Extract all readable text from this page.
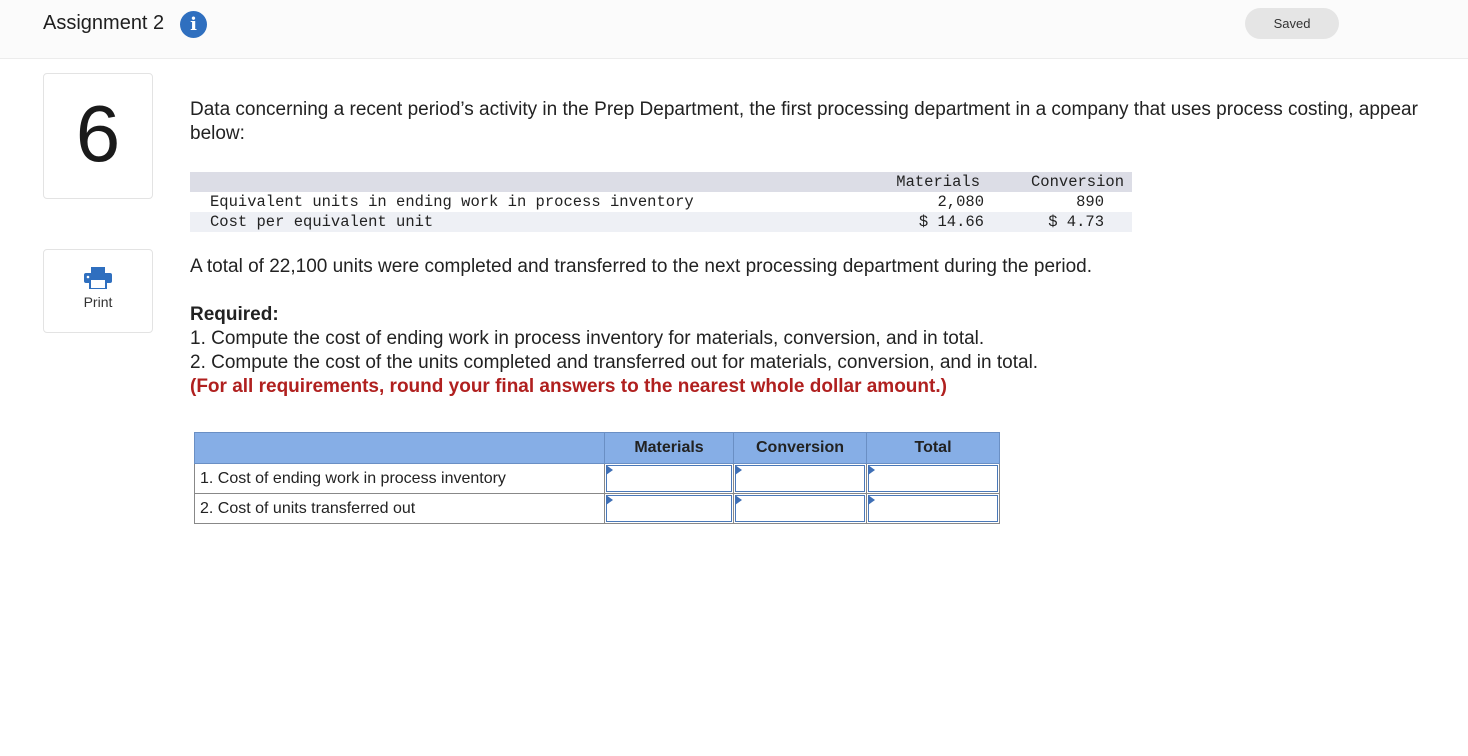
Assignment 2	i	Saved
6
Print

Data concerning a recent period’s activity in the Prep Department, the first processing department in a company that uses process costing, appear below:

	Materials	Conversion
Equivalent units in ending work in process inventory	2,080	890
Cost per equivalent unit	$ 14.66	$ 4.73

A total of 22,100 units were completed and transferred to the next processing department during the period.

Required:
1. Compute the cost of ending work in process inventory for materials, conversion, and in total.
2. Compute the cost of the units completed and transferred out for materials, conversion, and in total.
(For all requirements, round your final answers to the nearest whole dollar amount.)
	Materials	Conversion	Total
1. Cost of ending work in process inventory	

2. Cost of units transferred out	
